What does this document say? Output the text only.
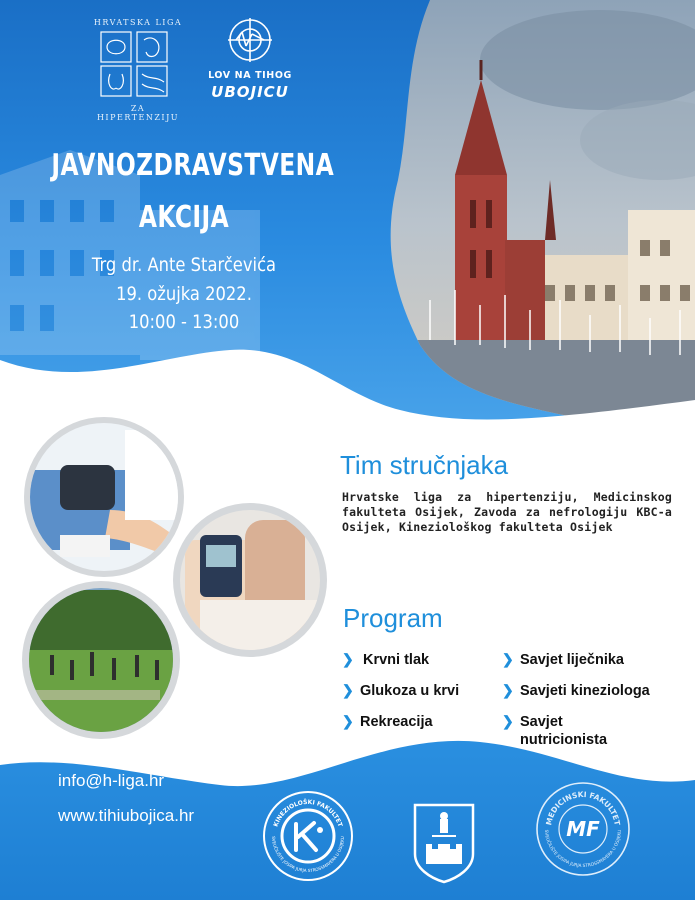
HRVATSKA LIGA
ZA HIPERTENZIJU
LOV NA TIHOG
UBOJICU
JAVNOZDRAVSTVENA
AKCIJA
Trg dr. Ante Starčevića
19. ožujka 2022.
10:00 - 13:00
Tim stručnjaka
Hrvatske liga za hipertenziju, Medicinskog fakulteta Osijek, Zavoda za nefrologiju KBC-a Osijek, Kineziološkog fakulteta Osijek
Program
❯ Krvni tlak
❯ Glukoza u krvi
❯ Rekreacija
❯ Savjet liječnika
❯ Savjeti kineziologa
❯ Savjet nutricionista
info@h-liga.hr
www.tihiubojica.hr	KINEZIOLOŠKI FAKULTET
SVEUČILIŠTE JOSIPA JURJA STROSSMAYERA U OSIJEKU
MEDICINSKI FAKULTET
SVEUČILIŠTE JOSIPA JURJA STROSSMAYERA U OSIJEKU
MF
